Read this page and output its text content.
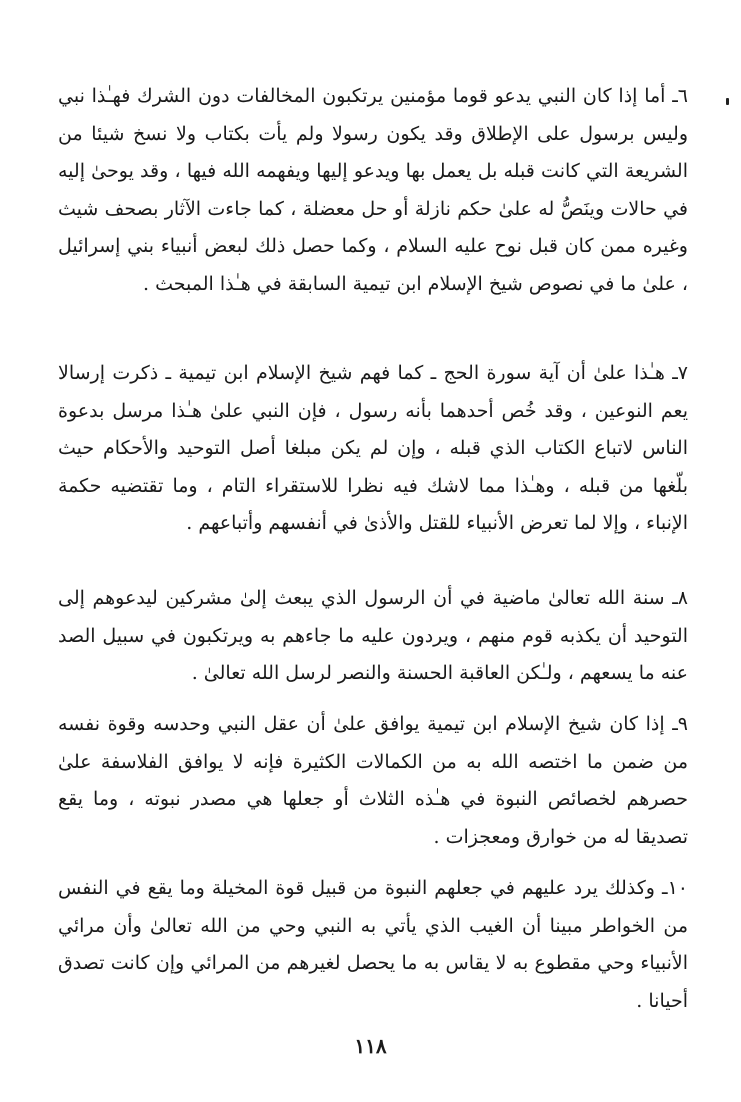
٦ـ أما إذا كان النبي يدعو قوما مؤمنين يرتكبون المخالفات دون الشرك فهـٰذا نبي وليس برسول على الإطلاق وقد يكون رسولا ولم يأت بكتاب ولا نسخ شيئا من الشريعة التي كانت قبله بل يعمل بها ويدعو إليها ويفهمه الله فيها ، وقد يوحىٰ إليه في حالات وينَصُّ له علىٰ حكم نازلة أو حل معضلة ، كما جاءت الآثار بصحف شيث وغيره ممن كان قبل نوح عليه السلام ، وكما حصل ذلك لبعض أنبياء بني إسرائيل ، علىٰ ما في نصوص شيخ الإسلام ابن تيمية السابقة في هـٰذا المبحث .

٧ـ هـٰذا علىٰ أن آية سورة الحج ـ كما فهم شيخ الإسلام ابن تيمية ـ ذكرت إرسالا يعم النوعين ، وقد خُص أحدهما بأنه رسول ، فإن النبي علىٰ هـٰذا مرسل بدعوة الناس لاتباع الكتاب الذي قبله ، وإن لم يكن مبلغا أصل التوحيد والأحكام حيث بلّغها من قبله ، وهـٰذا مما لاشك فيه نظرا للاستقراء التام ، وما تقتضيه حكمة الإنباء ، وإلا لما تعرض الأنبياء للقتل والأذىٰ في أنفسهم وأتباعهم .

٨ـ سنة الله تعالىٰ ماضية في أن الرسول الذي يبعث إلىٰ مشركين ليدعوهم إلى التوحيد أن يكذبه قوم منهم ، ويردون عليه ما جاءهم به ويرتكبون في سبيل الصد عنه ما يسعهم ، ولـٰكن العاقبة الحسنة والنصر لرسل الله تعالىٰ .

٩ـ إذا كان شيخ الإسلام ابن تيمية يوافق علىٰ أن عقل النبي وحدسه وقوة نفسه من ضمن ما اختصه الله به من الكمالات الكثيرة فإنه لا يوافق الفلاسفة علىٰ حصرهم لخصائص النبوة في هـٰذه الثلاث أو جعلها هي مصدر نبوته ، وما يقع تصديقا له من خوارق ومعجزات .

١٠ـ وكذلك يرد عليهم في جعلهم النبوة من قبيل قوة المخيلة وما يقع في النفس من الخواطر مبينا أن الغيب الذي يأتي به النبي وحي من الله تعالىٰ وأن مرائي الأنبياء وحي مقطوع به لا يقاس به ما يحصل لغيرهم من المرائي وإن كانت تصدق أحيانا .

١١٨
